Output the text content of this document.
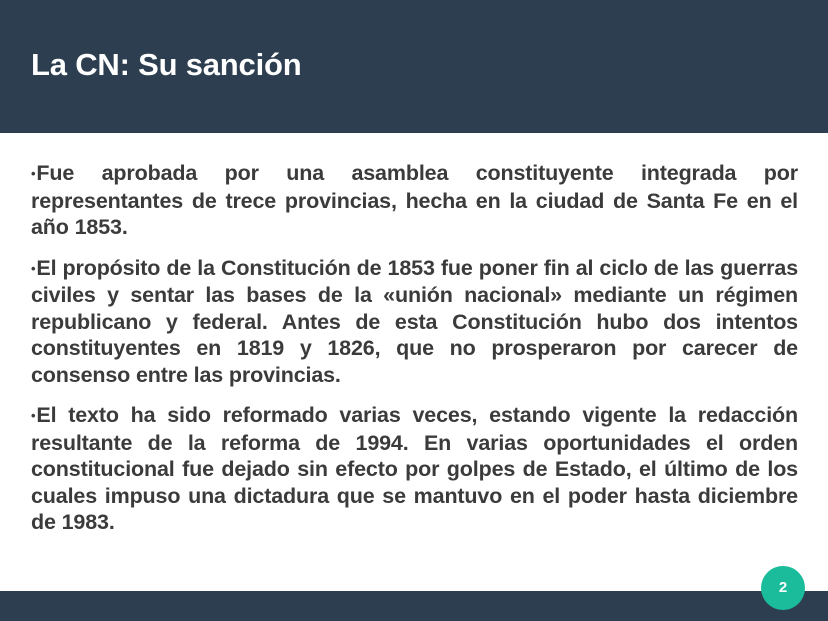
La CN: Su sanción

•Fue aprobada por una asamblea constituyente integrada por representantes de trece provincias, hecha en la ciudad de Santa Fe en el año 1853.

•El propósito de la Constitución de 1853 fue poner fin al ciclo de las guerras civiles y sentar las bases de la «unión nacional» mediante un régimen republicano y federal. Antes de esta Constitución hubo dos intentos constituyentes en 1819 y 1826, que no prosperaron por carecer de consenso entre las provincias.

•El texto ha sido reformado varias veces, estando vigente la redacción resultante de la reforma de 1994. En varias oportunidades el orden constitucional fue dejado sin efecto por golpes de Estado, el último de los cuales impuso una dictadura que se mantuvo en el poder hasta diciembre de 1983.

2
